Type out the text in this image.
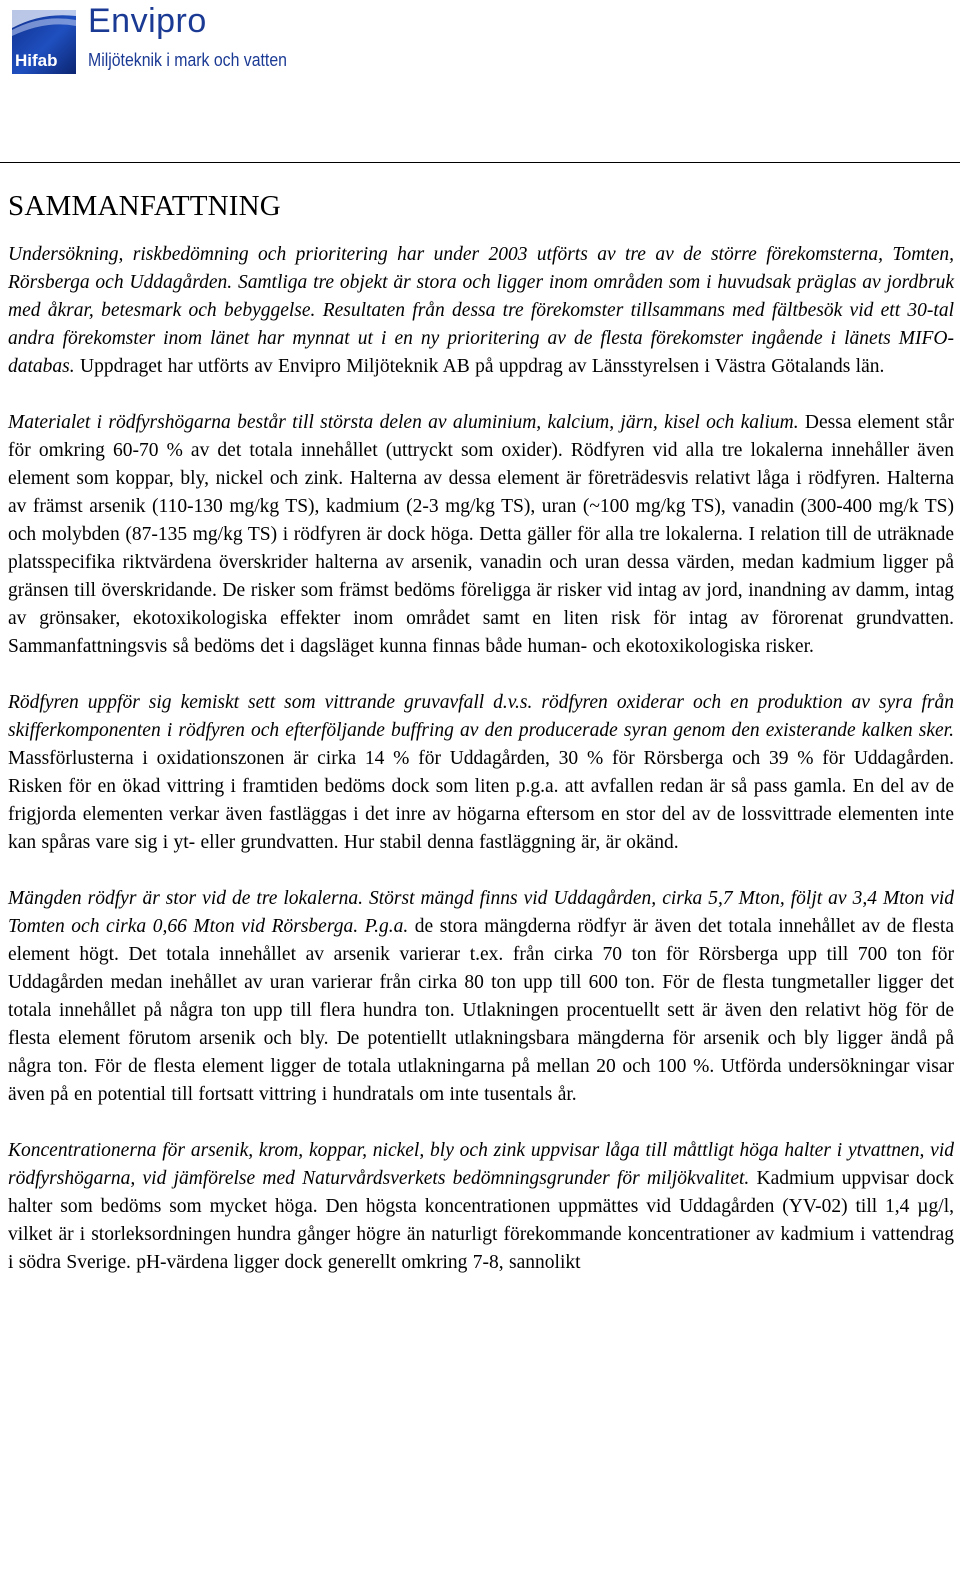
Hifab
Envipro
Miljöteknik i mark och vatten
SAMMANFATTNING

Undersökning, riskbedömning och prioritering har under 2003 utförts av tre av de större förekomsterna, Tomten, Rörsberga och Uddagården. Samtliga tre objekt är stora och ligger inom områden som i huvudsak präglas av jordbruk med åkrar, betesmark och bebyggelse. Resultaten från dessa tre förekomster tillsammans med fältbesök vid ett 30-tal andra förekomster inom länet har mynnat ut i en ny prioritering av de flesta förekomster ingående i länets MIFO-databas. Uppdraget har utförts av Envipro Miljöteknik AB på uppdrag av Länsstyrelsen i Västra Götalands län.

Materialet i rödfyrshögarna består till största delen av aluminium, kalcium, järn, kisel och kalium. Dessa element står för omkring 60-70 % av det totala innehållet (uttryckt som oxider). Rödfyren vid alla tre lokalerna innehåller även element som koppar, bly, nickel och zink. Halterna av dessa element är företrädesvis relativt låga i rödfyren. Halterna av främst arsenik (110-130 mg/kg TS), kadmium (2-3 mg/kg TS), uran (~100 mg/kg TS), vanadin (300-400 mg/k TS) och molybden (87-135 mg/kg TS) i rödfyren är dock höga. Detta gäller för alla tre lokalerna. I relation till de uträknade platsspecifika riktvärdena överskrider halterna av arsenik, vanadin och uran dessa värden, medan kadmium ligger på gränsen till överskridande. De risker som främst bedöms föreligga är risker vid intag av jord, inandning av damm, intag av grönsaker, ekotoxikologiska effekter inom området samt en liten risk för intag av förorenat grundvatten. Sammanfattningsvis så bedöms det i dagsläget kunna finnas både human- och ekotoxikologiska risker.

Rödfyren uppför sig kemiskt sett som vittrande gruvavfall d.v.s. rödfyren oxiderar och en produktion av syra från skifferkomponenten i rödfyren och efterföljande buffring av den producerade syran genom den existerande kalken sker. Massförlusterna i oxidationszonen är cirka 14 % för Uddagården, 30 % för Rörsberga och 39 % för Uddagården. Risken för en ökad vittring i framtiden bedöms dock som liten p.g.a. att avfallen redan är så pass gamla. En del av de frigjorda elementen verkar även fastläggas i det inre av högarna eftersom en stor del av de lossvittrade elementen inte kan spåras vare sig i yt- eller grundvatten. Hur stabil denna fastläggning är, är okänd.

Mängden rödfyr är stor vid de tre lokalerna. Störst mängd finns vid Uddagården, cirka 5,7 Mton, följt av 3,4 Mton vid Tomten och cirka 0,66 Mton vid Rörsberga. P.g.a. de stora mängderna rödfyr är även det totala innehållet av de flesta element högt. Det totala innehållet av arsenik varierar t.ex. från cirka 70 ton för Rörsberga upp till 700 ton för Uddagården medan inehållet av uran varierar från cirka 80 ton upp till 600 ton. För de flesta tungmetaller ligger det totala innehållet på några ton upp till flera hundra ton. Utlakningen procentuellt sett är även den relativt hög för de flesta element förutom arsenik och bly. De potentiellt utlakningsbara mängderna för arsenik och bly ligger ändå på några ton. För de flesta element ligger de totala utlakningarna på mellan 20 och 100 %. Utförda undersökningar visar även på en potential till fortsatt vittring i hundratals om inte tusentals år.

Koncentrationerna för arsenik, krom, koppar, nickel, bly och zink uppvisar låga till måttligt höga halter i ytvattnen, vid rödfyrshögarna, vid jämförelse med Naturvårdsverkets bedömningsgrunder för miljökvalitet. Kadmium uppvisar dock halter som bedöms som mycket höga. Den högsta koncentrationen uppmättes vid Uddagården (YV-02) till 1,4 µg/l, vilket är i storleksordningen hundra gånger högre än naturligt förekommande koncentrationer av kadmium i vattendrag i södra Sverige. pH-värdena ligger dock generellt omkring 7-8, sannolikt
